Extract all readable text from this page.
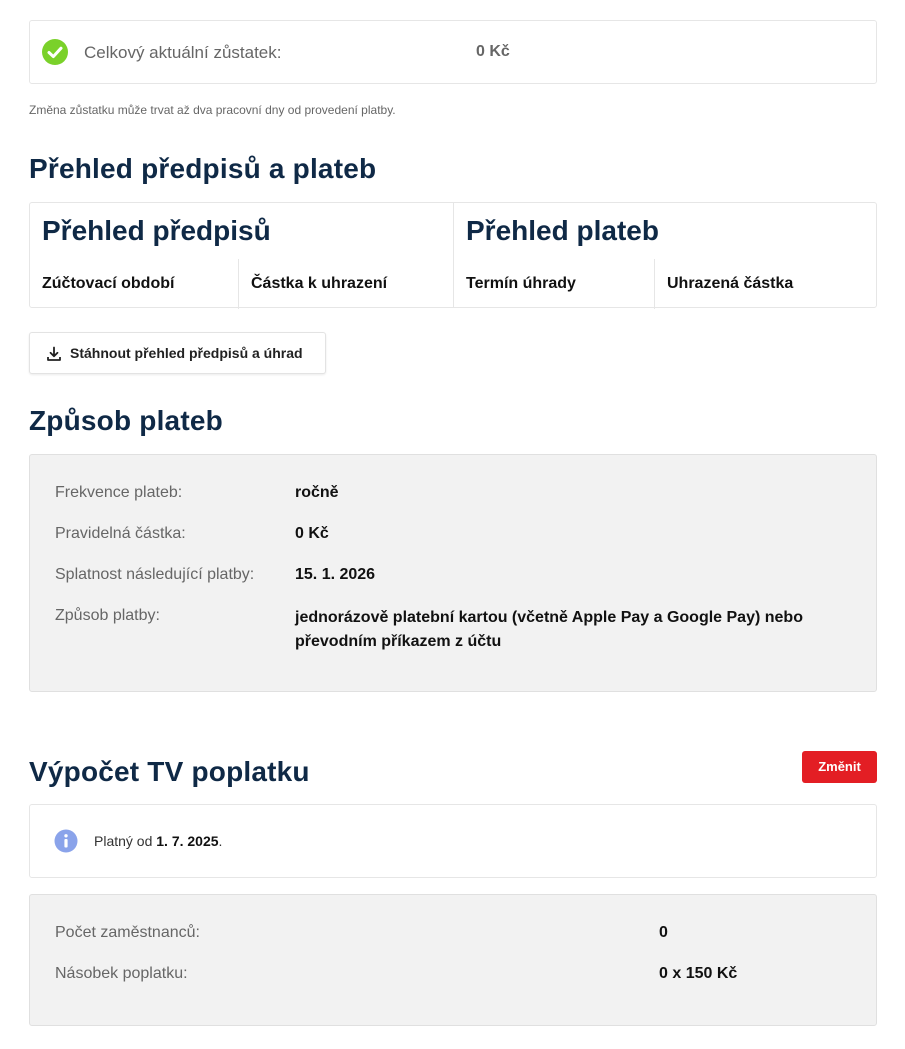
Celkový aktuální zůstatek:	0 Kč
Změna zůstatku může trvat až dva pracovní dny od provedení platby.
Přehled předpisů a plateb
Přehled předpisů	Přehled plateb
Zúčtovací období	Částka k uhrazení	Termín úhrady	Uhrazená částka
Stáhnout přehled předpisů a úhrad
Způsob plateb
Frekvence plateb:	ročně
Pravidelná částka:	0 Kč
Splatnost následující platby:	15. 1. 2026
Způsob platby:	jednorázově platební kartou (včetně Apple Pay a Google Pay) nebo převodním příkazem z účtu
Výpočet TV poplatku	Změnit
Platný od 1. 7. 2025.
Počet zaměstnanců:	0
Násobek poplatku:	0 x 150 Kč
